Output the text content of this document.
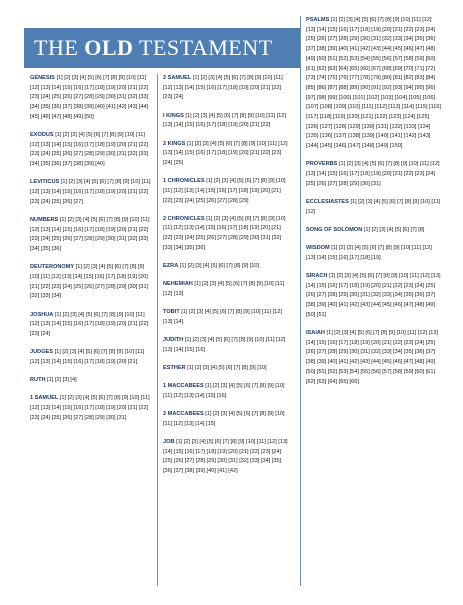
THE OLD TESTAMENT
GENESIS [1] [2] [3] [4] [5] [6] [7] [8] [9] [10] [11] [12] [13] [14] [15] [16] [17] [18] [19] [20] [21] [22] [23] [24] [25] [26] [27] [28] [29] [30] [31] [32] [33] [34] [35] [36] [37] [38] [39] [40] [41] [42] [43] [44] [45] [46] [47] [48] [49] [50]
EXODUS [1] [2] [3] [4] [5] [6] [7] [8] [9] [10] [11] [12] [13] [14] [15] [16] [17] [18] [19] [20] [21] [22] [23] [24] [25] [26] [27] [28] [29] [30] [31] [32] [33] [34] [35] [36] [37] [38] [39] [40]
LEVITICUS [1] [2] [3] [4] [5] [6] [7] [8] [9] [10] [11] [12] [13] [14] [15] [16] [17] [18] [19] [20] [21] [22] [23] [24] [25] [26] [27]
NUMBERS [1] [2] [3] [4] [5] [6] [7] [8] [9] [10] [11] [12] [13] [14] [15] [16] [17] [18] [19] [20] [21] [22] [23] [24] [25] [26] [27] [28] [29] [30] [31] [32] [33] [34] [35] [36]
DEUTERONOMY [1] [2] [3] [4] [5] [6] [7] [8] [9] [10] [11] [12] [13] [14] [15] [16] [17] [18] [19] [20] [21] [22] [23] [24] [25] [26] [27] [28] [29] [30] [31] [32] [33] [34]
JOSHUA [1] [2] [3] [4] [5] [6] [7] [8] [9] [10] [11] [12] [13] [14] [15] [16] [17] [18] [19] [20] [21] [22] [23] [24]
JUDGES [1] [2] [3] [4] [5] [6] [7] [8] [9] [10] [11] [12] [13] [14] [15] [16] [17] [18] [19] [20] [21]
RUTH [1] [2] [3] [4]
1 SAMUEL [1] [2] [3] [4] [5] [6] [7] [8] [9] [10] [11] [12] [13] [14] [15] [16] [17] [18] [19] [20] [21] [22] [23] [24] [25] [26] [27] [28] [29] [30] [31]
2 SAMUEL [1] [2] [3] [4] [5] [6] [7] [8] [9] [10] [11] [12] [13] [14] [15] [16] [17] [18] [19] [20] [21] [22] [23] [24]
I KINGS [1] [2] [3] [4] [5] [6] [7] [8] [9] [10] [11] [12] [13] [14] [15] [16] [17] [18] [19] [20] [21] [22]
2 KINGS [1] [2] [3] [4] [5] [6] [7] [8] [9] [10] [11] [12] [13] [14] [15] [16] [17] [18] [19] [20] [21] [22] [23] [24] [25]
1 CHRONICLES [1] [2] [3] [4] [5] [6] [7] [8] [9] [10] [11] [12] [13] [14] [15] [16] [17] [18] [19] [20] [21] [22] [23] [24] [25] [26] [27] [28] [29]
2 CHRONICLES [1] [2] [3] [4] [5] [6] [7] [8] [9] [10] [11] [12] [13] [14] [15] [16] [17] [18] [19] [20] [21] [22] [23] [24] [25] [26] [27] [28] [29] [30] [31] [32] [33] [34] [35] [36]
EZRA [1] [2] [3] [4] [5] [6] [7] [8] [9] [10]
NEHEMIAH [1] [2] [3] [4] [5] [6] [7] [8] [9] [10] [11] [12] [13]
TOBIT [1] [2] [3] [4] [5] [6] [7] [8] [9] [10] [11] [12] [13] [14]
JUDITH [1] [2] [3] [4] [5] [6] [7] [8] [9] [10] [11] [12] [13] [14] [15] [16]
ESTHER [1] [2] [3] [4] [5] [6] [7] [8] [9] [10]
1 MACCABEES [1] [2] [3] [4] [5] [6] [7] [8] [9] [10] [11] [12] [13] [14] [15] [16]
2 MACCABEES [1] [2] [3] [4] [5] [6] [7] [8] [9] [10] [11] [12] [13] [14] [15]
JOB [1] [2] [3] [4] [5] [6] [7] [8] [9] [10] [11] [12] [13] [14] [15] [16] [17] [18] [19] [20] [21] [22] [23] [24] [25] [26] [27] [28] [29] [30] [31] [32] [33] [34] [35] [36] [37] [38] [39] [40] [41] [42]
PSALMS [1] [2] [3] [4] [5] [6] [7] [8] [9] [10] [11] [12] [13] [14] [15] [16] [17] [18] [19] [20] [21] [22] [23] [24] [25] [26] [27] [28] [29] [30] [31] [32] [33] [34] [35] [36] [37] [38] [39] [40] [41] [42] [43] [44] [45] [46] [47] [48] [49] [50] [51] [52] [53] [54] [55] [56] [57] [58] [59] [60] [61] [62] [63] [64] [65] [66] [67] [68] [69] [70] [71] [72] [73] [74] [75] [76] [77] [78] [79] [80] [81] [82] [83] [84] [85] [86] [87] [88] [89] [90] [91] [92] [93] [94] [95] [96] [97] [98] [99] [100] [101] [102] [103] [104] [105] [106] [107] [108] [109] [110] [111] [112] [113] [114] [115] [116] [117] [118] [119] [120] [121] [122] [123] [124] [125] [126] [127] [128] [129] [130] [131] [132] [133] [134] [135] [136] [137] [138] [139] [140] [141] [142] [143] [144] [145] [146] [147] [148] [149] [150]
PROVERBS [1] [2] [3] [4] [5] [6] [7] [8] [9] [10] [11] [12] [13] [14] [15] [16] [17] [18] [19] [20] [21] [22] [23] [24] [25] [26] [27] [28] [29] [30] [31]
ECCLESIASTES [1] [2] [3] [4] [5] [6] [7] [8] [9] [10] [11] [12]
SONG OF SOLOMON [1] [2] [3] [4] [5] [6] [7] [8]
WISDOM [1] [2] [3] [4] [5] [6] [7] [8] [9] [10] [11] [12] [13] [14] [15] [16] [17] [18] [19]
SIRACH [1] [2] [3] [4] [5] [6] [7] [8] [9] [10] [11] [12] [13] [14] [15] [16] [17] [18] [19] [20] [21] [22] [23] [24] [25] [26] [27] [28] [29] [30] [31] [32] [33] [34] [35] [36] [37] [38] [39] [40] [41] [42] [43] [44] [45] [46] [47] [48] [49] [50] [51]
ISAIAH [1] [2] [3] [4] [5] [6] [7] [8] [9] [10] [11] [12] [13] [14] [15] [16] [17] [18] [19] [20] [21] [22] [23] [24] [25] [26] [27] [28] [29] [30] [31] [32] [33] [34] [35] [36] [37] [38] [39] [40] [41] [42] [43] [44] [45] [46] [47] [48] [49] [50] [51] [52] [53] [54] [55] [56] [57] [58] [59] [60] [61] [62] [63] [64] [65] [66]
